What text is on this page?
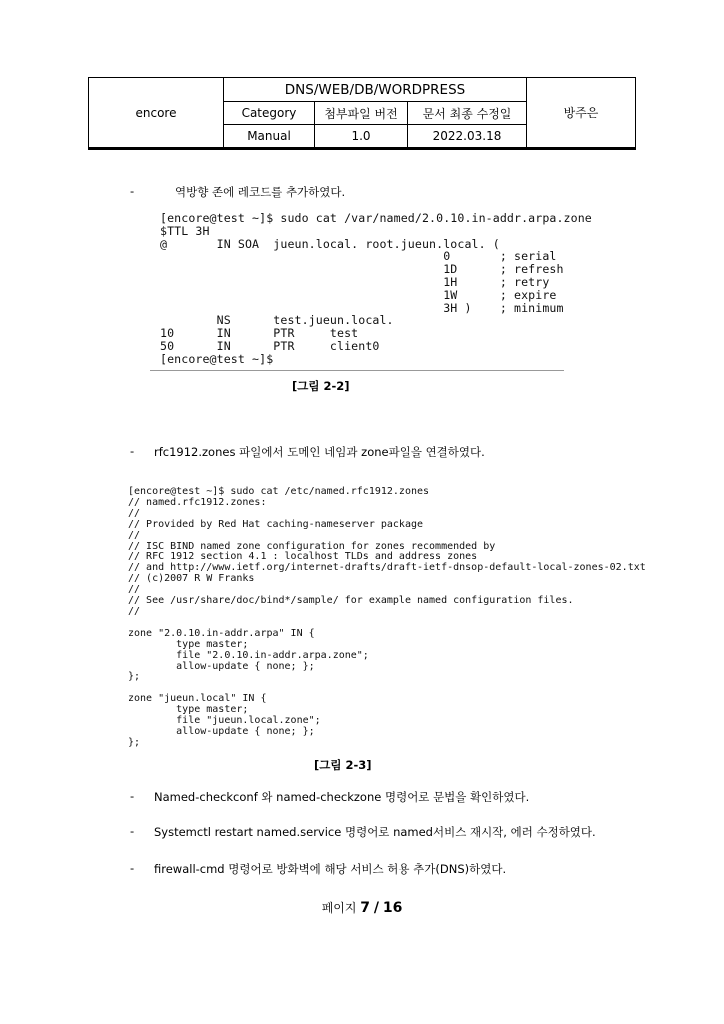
encore	DNS/WEB/DB/WORDPRESS			방주은
	Category	첨부파일 버전	문서 최종 수정일	
	Manual	1.0	2022.03.18	
-	역방향 존에 레코드를 추가하였다.
[encore@test ~]$ sudo cat /var/named/2.0.10.in-addr.arpa.zone
$TTL 3H
@       IN SOA  jueun.local. root.jueun.local. (
0       ; serial
1D      ; refresh
1H      ; retry
1W      ; expire
3H )    ; minimum
NS      test.jueun.local.
10      IN      PTR     test
50      IN      PTR     client0
[encore@test ~]$
[그림 2-2]
- rfc1912.zones 파일에서 도메인 네임과 zone파일을 연결하였다.
[encore@test ~]$ sudo cat /etc/named.rfc1912.zones
// named.rfc1912.zones:
//
// Provided by Red Hat caching-nameserver package
//
// ISC BIND named zone configuration for zones recommended by
// RFC 1912 section 4.1 : localhost TLDs and address zones
// and http://www.ietf.org/internet-drafts/draft-ietf-dnsop-default-local-zones-02.txt
// (c)2007 R W Franks
//
// See /usr/share/doc/bind*/sample/ for example named configuration files.
//

zone "2.0.10.in-addr.arpa" IN {
type master;
file "2.0.10.in-addr.arpa.zone";
allow-update { none; };
};

zone "jueun.local" IN {
type master;
file "jueun.local.zone";
allow-update { none; };
};
[그림 2-3]
- Named-checkconf 와 named-checkzone 명령어로 문법을 확인하였다.
- Systemctl restart named.service 명령어로 named서비스 재시작, 에러 수정하였다.
- firewall-cmd 명령어로 방화벽에 해당 서비스 허용 추가(DNS)하였다.
페이지 7 / 16
